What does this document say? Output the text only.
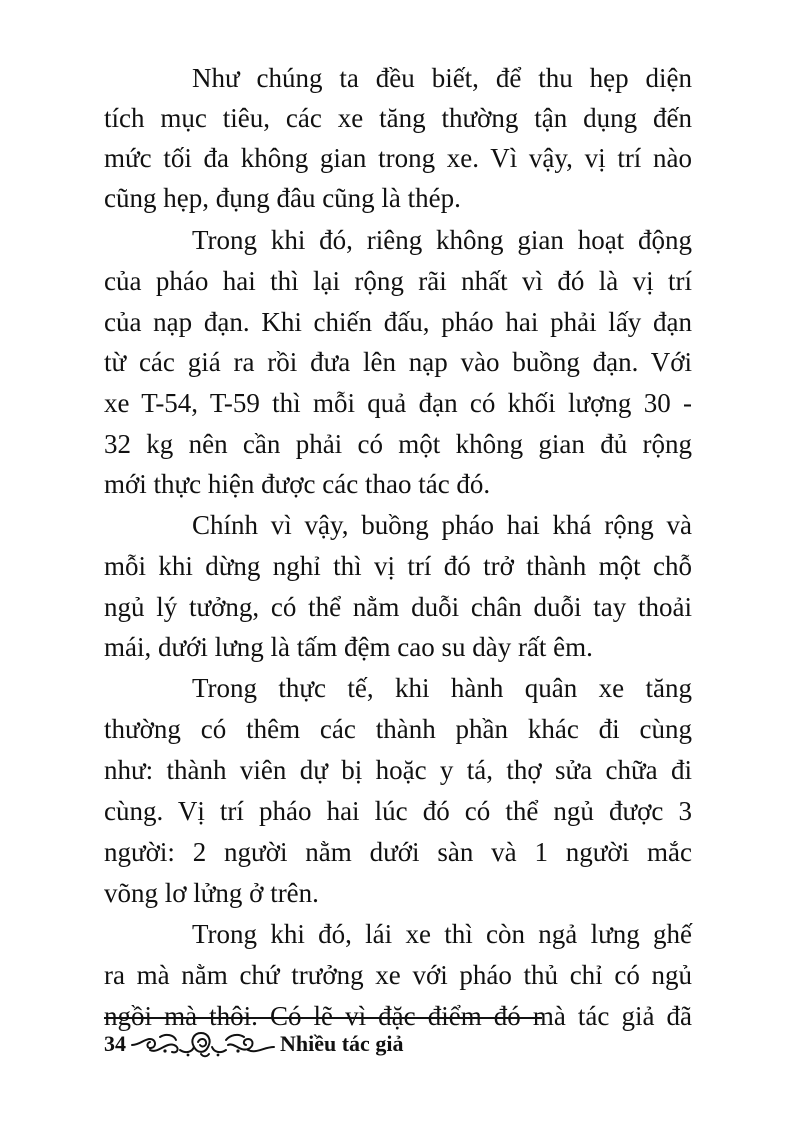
Như chúng ta đều biết, để thu hẹp diện
tích mục tiêu, các xe tăng thường tận dụng đến
mức tối đa không gian trong xe. Vì vậy, vị trí nào
cũng hẹp, đụng đâu cũng là thép.
Trong khi đó, riêng không gian hoạt động
của pháo hai thì lại rộng rãi nhất vì đó là vị trí
của nạp đạn. Khi chiến đấu, pháo hai phải lấy đạn
từ các giá ra rồi đưa lên nạp vào buồng đạn. Với
xe T-54, T-59 thì mỗi quả đạn có khối lượng 30 -
32 kg nên cần phải có một không gian đủ rộng
mới thực hiện được các thao tác đó.
Chính vì vậy, buồng pháo hai khá rộng và
mỗi khi dừng nghỉ thì vị trí đó trở thành một chỗ
ngủ lý tưởng, có thể nằm duỗi chân duỗi tay thoải
mái, dưới lưng là tấm đệm cao su dày rất êm.
Trong thực tế, khi hành quân xe tăng
thường có thêm các thành phần khác đi cùng
như: thành viên dự bị hoặc y tá, thợ sửa chữa đi
cùng. Vị trí pháo hai lúc đó có thể ngủ được 3
người: 2 người nằm dưới sàn và 1 người mắc
võng lơ lửng ở trên.
Trong khi đó, lái xe thì còn ngả lưng ghế
ra mà nằm chứ trưởng xe với pháo thủ chỉ có ngủ
ngồi mà thôi. Có lẽ vì đặc điểm đó mà tác giả đã
34	Nhiều tác giả
